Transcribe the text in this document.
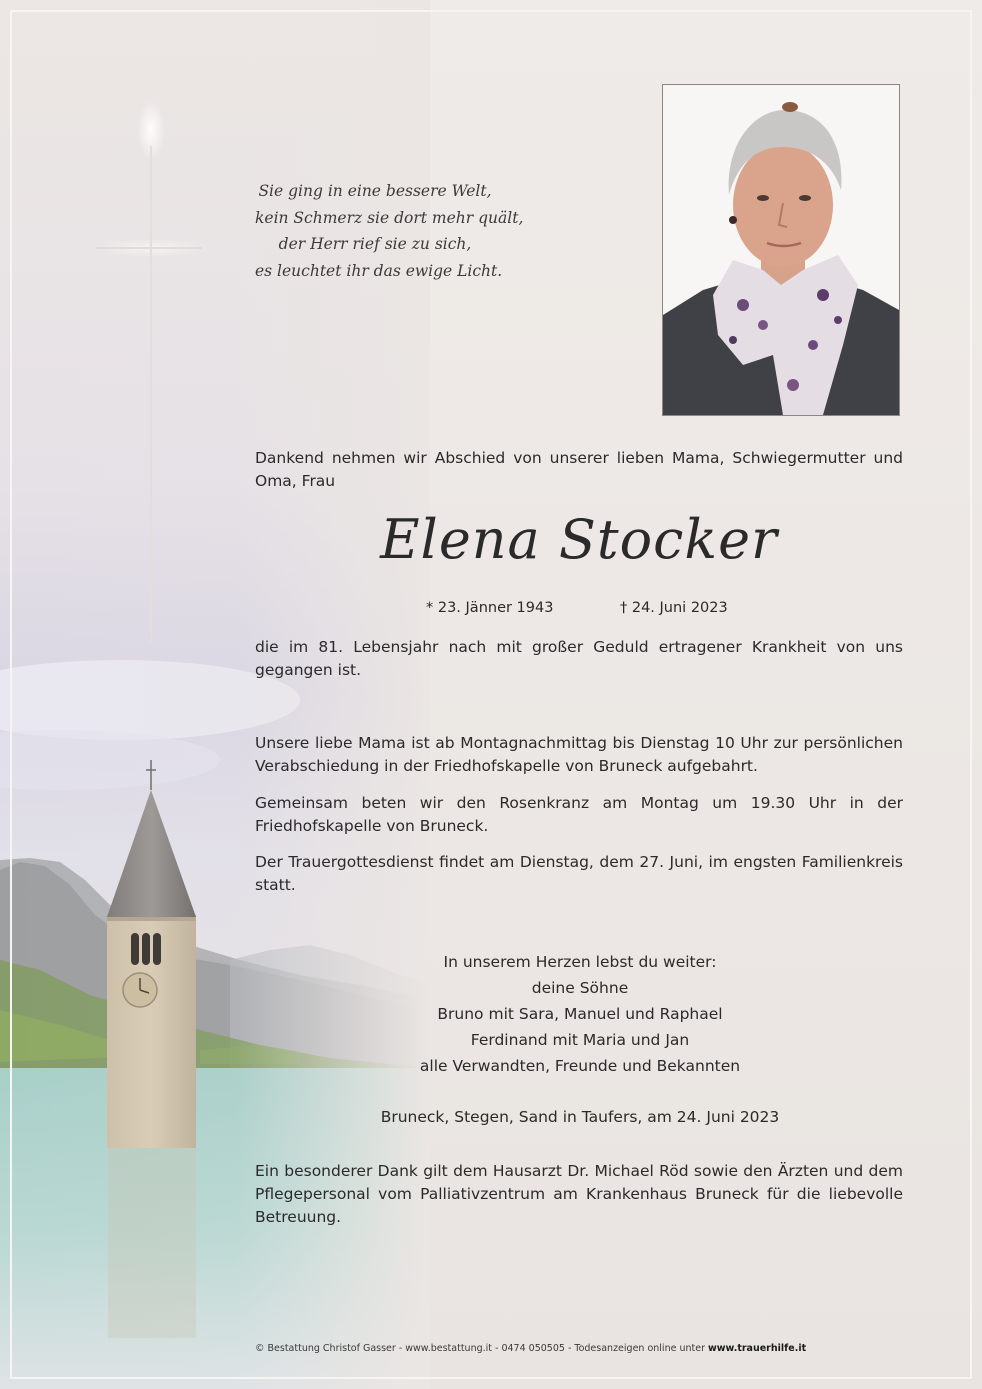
Sie ging in eine bessere Welt,
kein Schmerz sie dort mehr quält,
der Herr rief sie zu sich,
es leuchtet ihr das ewige Licht.
Dankend nehmen wir Abschied von unserer lieben Mama, Schwiegermutter und Oma, Frau
Elena Stocker
* 23. Jänner 1943	† 24. Juni 2023
die im 81. Lebensjahr nach mit großer Geduld ertragener Krankheit von uns gegangen ist.
Unsere liebe Mama ist ab Montagnachmittag bis Dienstag 10 Uhr zur persönlichen Verabschiedung in der Friedhofskapelle von Bruneck aufgebahrt.
Gemeinsam beten wir den Rosenkranz am Montag um 19.30 Uhr in der Friedhofskapelle von Bruneck.
Der Trauergottesdienst findet am Dienstag, dem 27. Juni, im engsten Familienkreis statt.
In unserem Herzen lebst du weiter:
deine Söhne
Bruno mit Sara, Manuel und Raphael
Ferdinand mit Maria und Jan
alle Verwandten, Freunde und Bekannten
Bruneck, Stegen, Sand in Taufers, am 24. Juni 2023
Ein besonderer Dank gilt dem Hausarzt Dr. Michael Röd sowie den Ärzten und dem Pflegepersonal vom Palliativzentrum am Krankenhaus Bruneck für die liebevolle Betreuung.
© Bestattung Christof Gasser - www.bestattung.it - 0474 050505 - Todesanzeigen online unter www.trauerhilfe.it
